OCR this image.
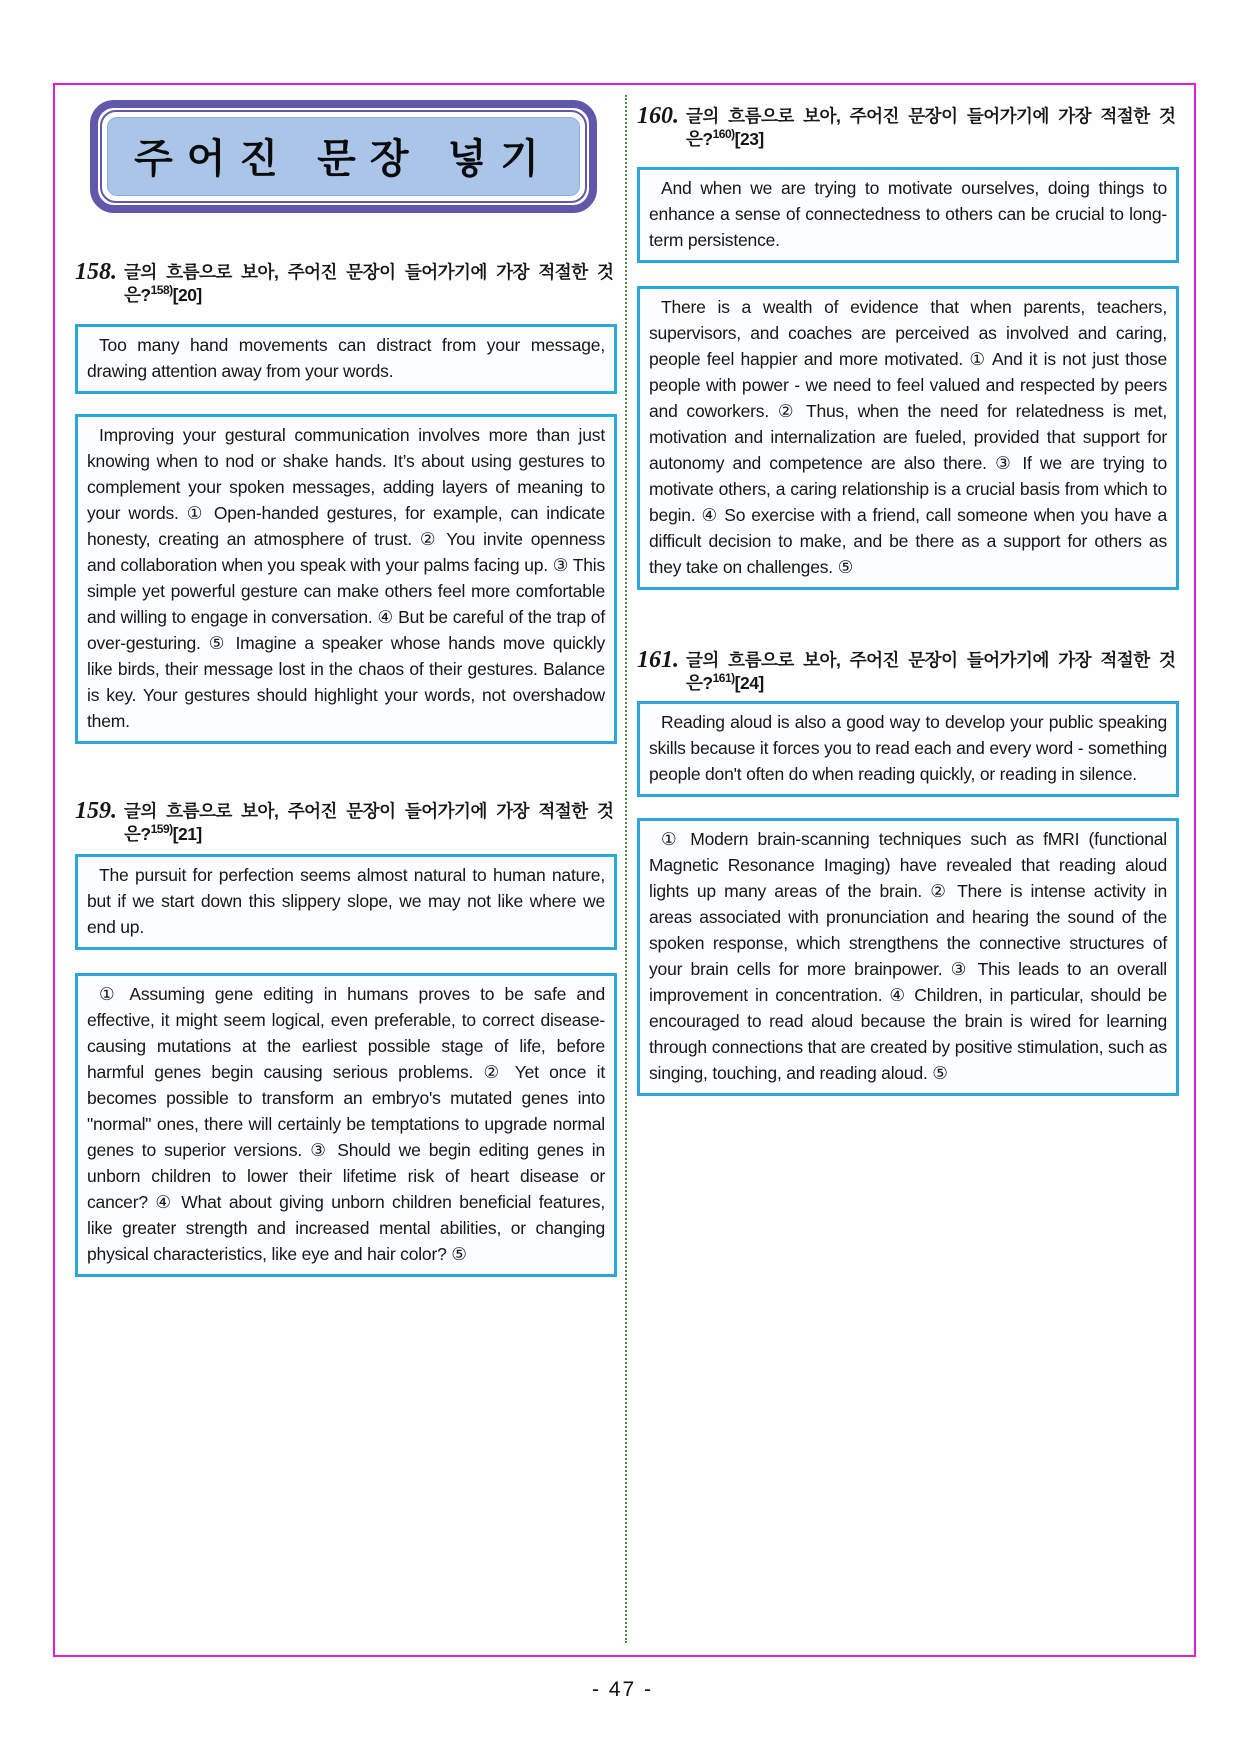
주어진 문장 넣기
158. 글의 흐름으로 보아, 주어진 문장이 들어가기에 가장 적절한 것은?$^{158)}$[20]

Too many hand movements can distract from your message, drawing attention away from your words.

Improving your gestural communication involves more than just knowing when to nod or shake hands. It’s about using gestures to complement your spoken messages, adding layers of meaning to your words. ① Open-handed gestures, for example, can indicate honesty, creating an atmosphere of trust. ② You invite openness and collaboration when you speak with your palms facing up. ③ This simple yet powerful gesture can make others feel more comfortable and willing to engage in conversation. ④ But be careful of the trap of over-gesturing. ⑤ Imagine a speaker whose hands move quickly like birds, their message lost in the chaos of their gestures. Balance is key. Your gestures should highlight your words, not overshadow them.

159. 글의 흐름으로 보아, 주어진 문장이 들어가기에 가장 적절한 것은?$^{159)}$[21]

The pursuit for perfection seems almost natural to human nature, but if we start down this slippery slope, we may not like where we end up.

① Assuming gene editing in humans proves to be safe and effective, it might seem logical, even preferable, to correct disease-causing mutations at the earliest possible stage of life, before harmful genes begin causing serious problems. ② Yet once it becomes possible to transform an embryo's mutated genes into "normal" ones, there will certainly be temptations to upgrade normal genes to superior versions. ③ Should we begin editing genes in unborn children to lower their lifetime risk of heart disease or cancer? ④ What about giving unborn children beneficial features, like greater strength and increased mental abilities, or changing physical characteristics, like eye and hair color? ⑤

160. 글의 흐름으로 보아, 주어진 문장이 들어가기에 가장 적절한 것은?$^{160)}$[23]

And when we are trying to motivate ourselves, doing things to enhance a sense of connectedness to others can be crucial to long-term persistence.

There is a wealth of evidence that when parents, teachers, supervisors, and coaches are perceived as involved and caring, people feel happier and more motivated. ① And it is not just those people with power - we need to feel valued and respected by peers and coworkers. ② Thus, when the need for relatedness is met, motivation and internalization are fueled, provided that support for autonomy and competence are also there. ③ If we are trying to motivate others, a caring relationship is a crucial basis from which to begin. ④ So exercise with a friend, call someone when you have a difficult decision to make, and be there as a support for others as they take on challenges. ⑤

161. 글의 흐름으로 보아, 주어진 문장이 들어가기에 가장 적절한 것은?$^{161)}$[24]

Reading aloud is also a good way to develop your public speaking skills because it forces you to read each and every word - something people don't often do when reading quickly, or reading in silence.

① Modern brain-scanning techniques such as fMRI (functional Magnetic Resonance Imaging) have revealed that reading aloud lights up many areas of the brain. ② There is intense activity in areas associated with pronunciation and hearing the sound of the spoken response, which strengthens the connective structures of your brain cells for more brainpower. ③ This leads to an overall improvement in concentration. ④ Children, in particular, should be encouraged to read aloud because the brain is wired for learning through connections that are created by positive stimulation, such as singing, touching, and reading aloud. ⑤

- 47 -
